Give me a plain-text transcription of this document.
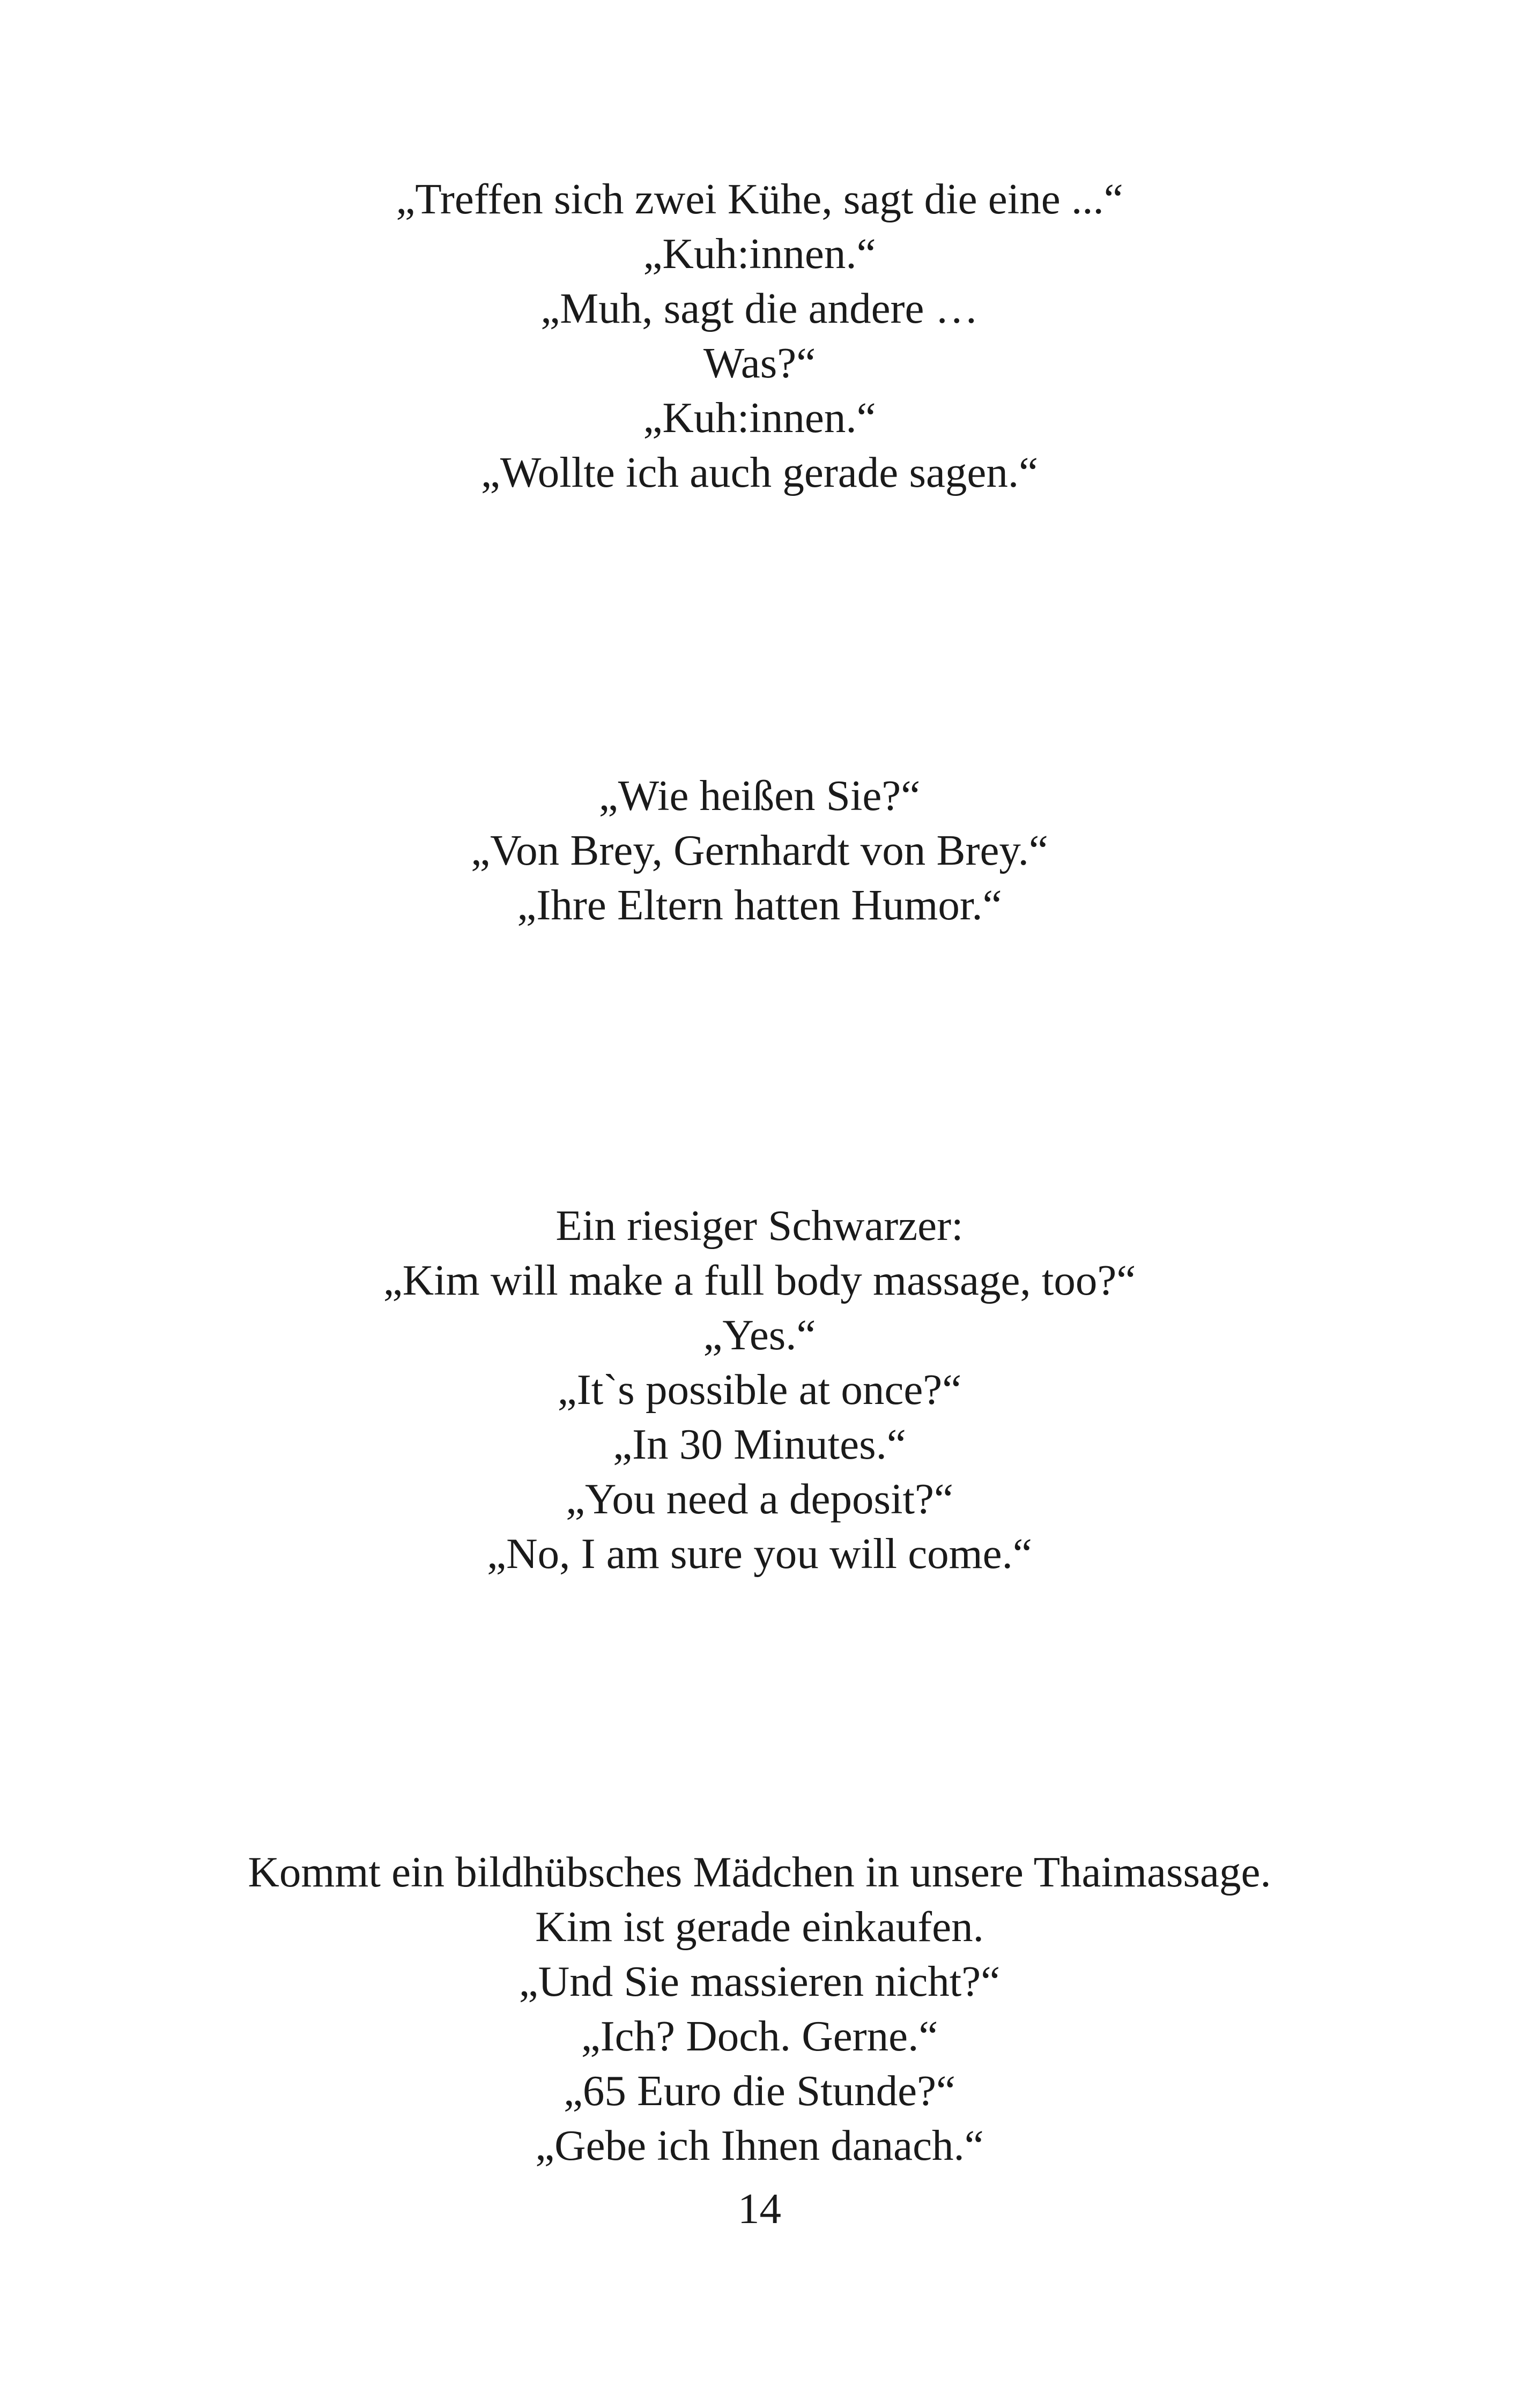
„Treffen sich zwei Kühe, sagt die eine ...“
„Kuh:innen.“
„Muh, sagt die andere …
Was?“
„Kuh:innen.“
„Wollte ich auch gerade sagen.“
„Wie heißen Sie?“
„Von Brey, Gernhardt von Brey.“
„Ihre Eltern hatten Humor.“
Ein riesiger Schwarzer:
„Kim will make a full body massage, too?“
„Yes.“
„It`s possible at once?“
„In 30 Minutes.“
„You need a deposit?“
„No, I am sure you will come.“
Kommt ein bildhübsches Mädchen in unsere Thaimassage.
Kim ist gerade einkaufen.
„Und Sie massieren nicht?“
„Ich? Doch. Gerne.“
„65 Euro die Stunde?“
„Gebe ich Ihnen danach.“
14
